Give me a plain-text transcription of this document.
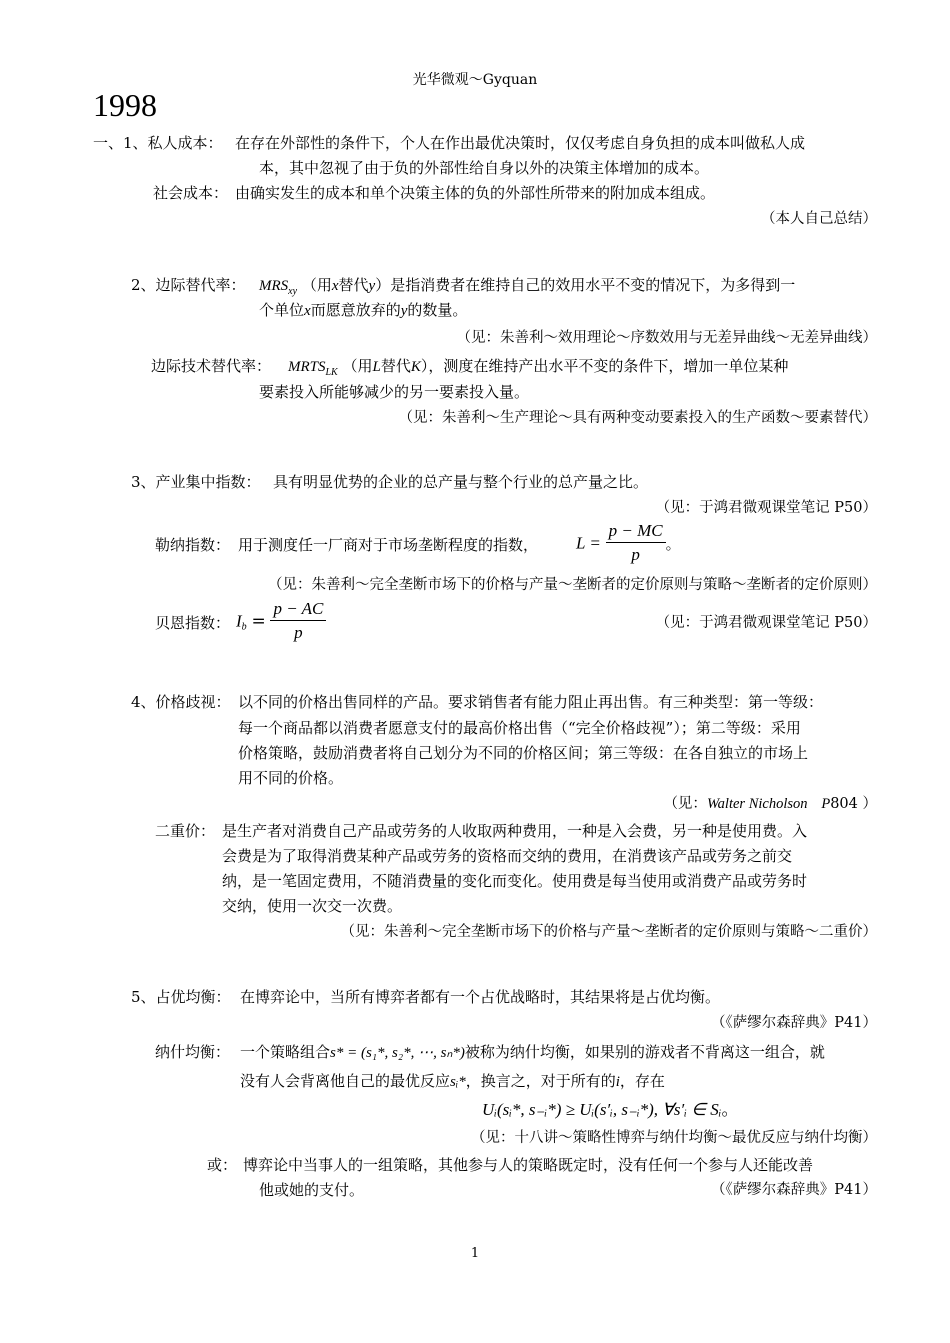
光华微观～Gyquan
1998
一、1、私人成本： 在存在外部性的条件下，个人在作出最优决策时，仅仅考虑自身负担的成本叫做私人成
本，其中忽视了由于负的外部性给自身以外的决策主体增加的成本。
社会成本： 由确实发生的成本和单个决策主体的负的外部性所带来的附加成本组成。
（本人自己总结）
2、边际替代率： $MRS_{xy}$ （用x替代y）是指消费者在维持自己的效用水平不变的情况下，为多得到一
个单位x而愿意放弃的y的数量。
（见：朱善利～效用理论～序数效用与无差异曲线～无差异曲线）
边际技术替代率： $MRTS_{LK}$ （用L替代K），测度在维持产出水平不变的条件下，增加一单位某种
要素投入所能够减少的另一要素投入量。
（见：朱善利～生产理论～具有两种变动要素投入的生产函数～要素替代）
3、产业集中指数： 具有明显优势的企业的总产量与整个行业的总产量之比。
（见：于鸿君微观课堂笔记 P50）
勒纳指数： 用于测度任一厂商对于市场垄断程度的指数， $L = \frac{p - MC}{p}$ 。
（见：朱善利～完全垄断市场下的价格与产量～垄断者的定价原则与策略～垄断者的定价原则）
贝恩指数： $I_b = \frac{p - AC}{p}$	（见：于鸿君微观课堂笔记 P50）
4、价格歧视： 以不同的价格出售同样的产品。要求销售者有能力阻止再出售。有三种类型：第一等级：
每一个商品都以消费者愿意支付的最高价格出售（“完全价格歧视”）；第二等级：采用
价格策略，鼓励消费者将自己划分为不同的价格区间；第三等级：在各自独立的市场上
用不同的价格。
（见：Walter Nicholson P804 ）
二重价： 是生产者对消费自己产品或劳务的人收取两种费用，一种是入会费，另一种是使用费。入
会费是为了取得消费某种产品或劳务的资格而交纳的费用，在消费该产品或劳务之前交
纳，是一笔固定费用，不随消费量的变化而变化。使用费是每当使用或消费产品或劳务时
交纳，使用一次交一次费。
（见：朱善利～完全垄断市场下的价格与产量～垄断者的定价原则与策略～二重价）
5、占优均衡： 在博弈论中，当所有博弈者都有一个占优战略时，其结果将是占优均衡。
（《萨缪尔森辞典》P41）
纳什均衡： 一个策略组合s* = (s₁*, s₂*, ⋯, sₙ*)被称为纳什均衡，如果别的游戏者不背离这一组合，就
没有人会背离他自己的最优反应sᵢ*，换言之，对于所有的i，存在
Uᵢ(sᵢ*, s₋ᵢ*) ≥ Uᵢ(s′ᵢ, s₋ᵢ*), ∀s′ᵢ ∈ Sᵢ。
（见：十八讲～策略性博弈与纳什均衡～最优反应与纳什均衡）
或： 博弈论中当事人的一组策略，其他参与人的策略既定时，没有任何一个参与人还能改善
他或她的支付。	（《萨缪尔森辞典》P41）
1
